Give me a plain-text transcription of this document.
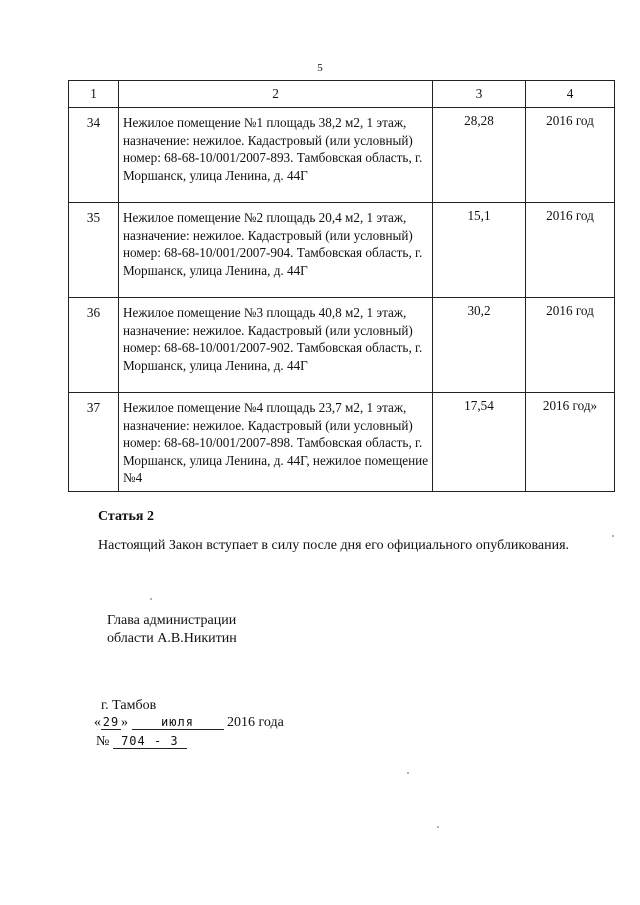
5
1	2	3	4
34	Нежилое помещение №1 площадь 38,2 м2, 1 этаж, назначение: нежилое. Кадастровый (или условный) номер: 68-68-10/001/2007-893. Тамбовская область, г. Моршанск, улица Ленина, д. 44Г	28,28	2016 год
35	Нежилое помещение №2 площадь 20,4 м2, 1 этаж, назначение: нежилое. Кадастровый (или условный) номер: 68-68-10/001/2007-904. Тамбовская область, г. Моршанск, улица Ленина, д. 44Г	15,1	2016 год
36	Нежилое помещение №3 площадь 40,8 м2, 1 этаж, назначение: нежилое. Кадастровый (или условный) номер: 68-68-10/001/2007-902. Тамбовская область, г. Моршанск, улица Ленина, д. 44Г	30,2	2016 год
37	Нежилое помещение №4 площадь 23,7 м2, 1 этаж, назначение: нежилое. Кадастровый (или условный) номер: 68-68-10/001/2007-898. Тамбовская область, г. Моршанск, улица Ленина, д. 44Г, нежилое помещение №4	17,54	2016 год»
Статья 2
Настоящий Закон вступает в силу после дня его официального опубликования.
Глава администрации
области А.В.Никитин
г. Тамбов
« 29 »	июля 2016 года
№ 704 - 3
